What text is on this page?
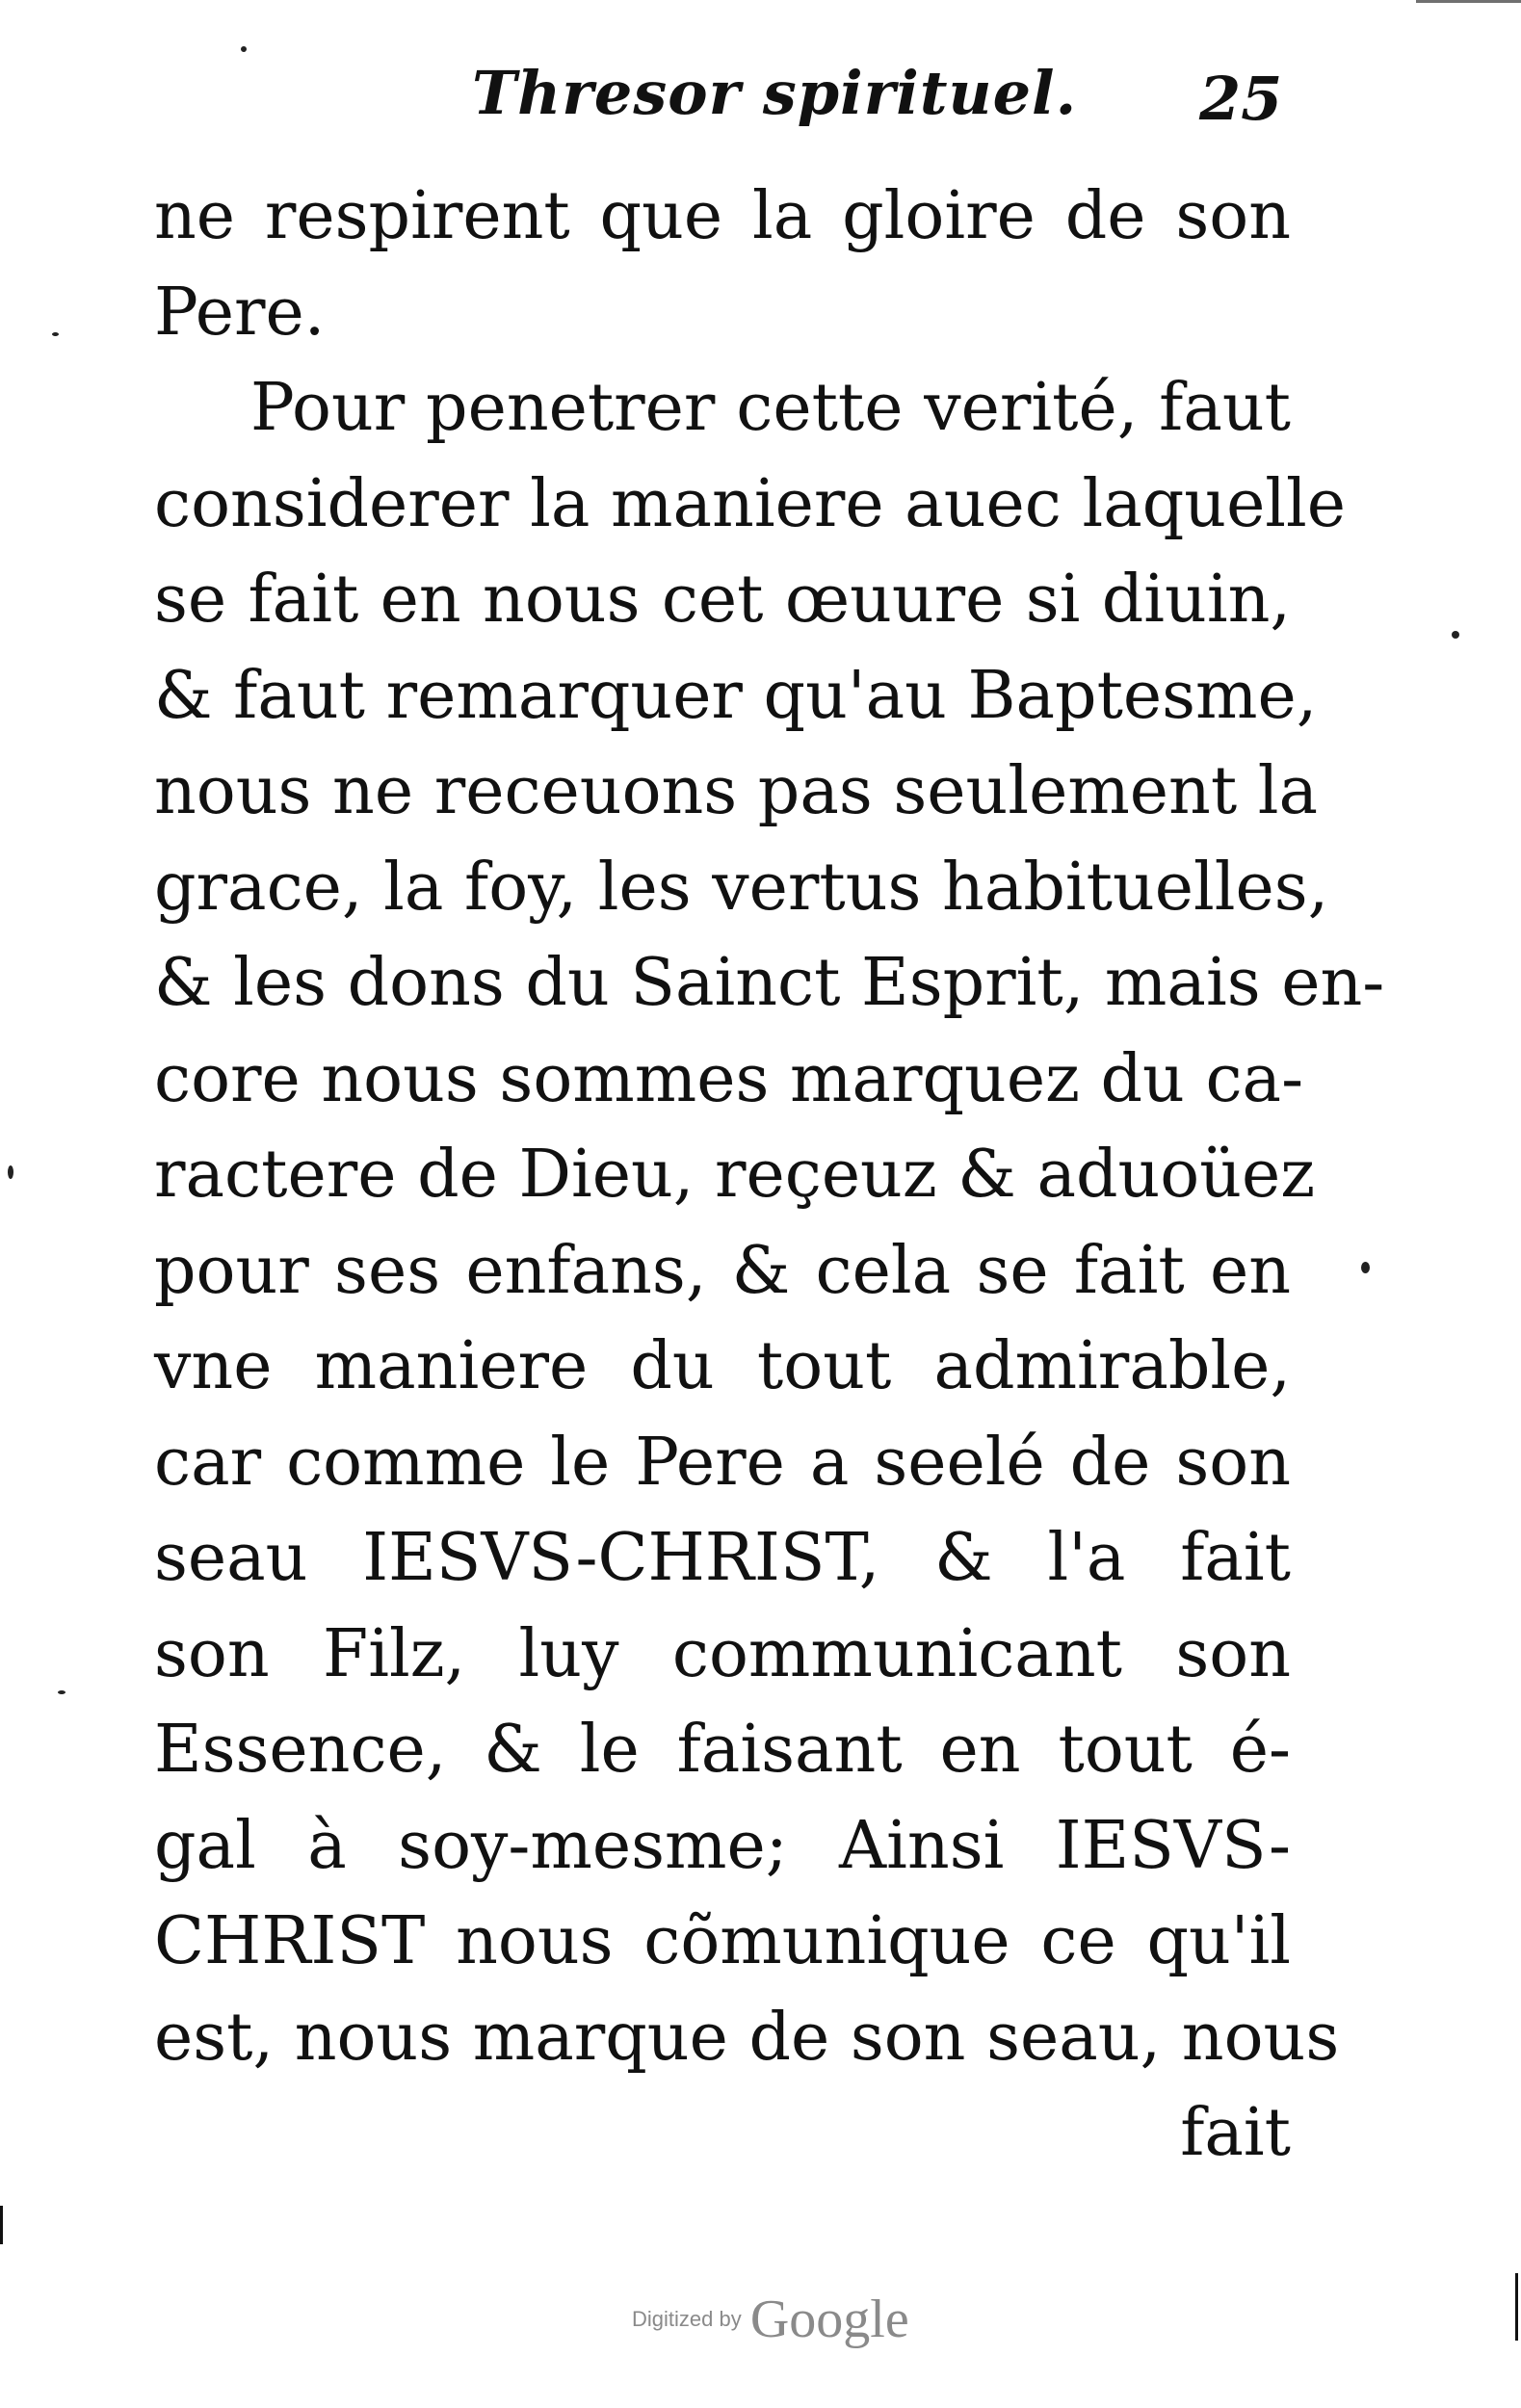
Thresor spirituel. 25
ne respirent que la gloire de son
Pere.
Pour penetrer cette verité, faut
considerer la maniere auec laquelle
se fait en nous cet œuure si diuin,
& faut remarquer qu'au Baptesme,
nous ne receuons pas seulement la
grace, la foy, les vertus habituelles,
& les dons du Sainct Esprit, mais en-
core nous sommes marquez du ca-
ractere de Dieu, reçeuz & aduoüez
pour ses enfans, & cela se fait en
vne maniere du tout admirable,
car comme le Pere a seelé de son
seau IESVS-CHRIST, & l'a fait
son Filz, luy communicant son
Essence, & le faisant en tout é-
gal à soy-mesme; Ainsi IESVS-
CHRIST nous cõmunique ce qu'il
est, nous marque de son seau, nous
fait
Digitized by Google
